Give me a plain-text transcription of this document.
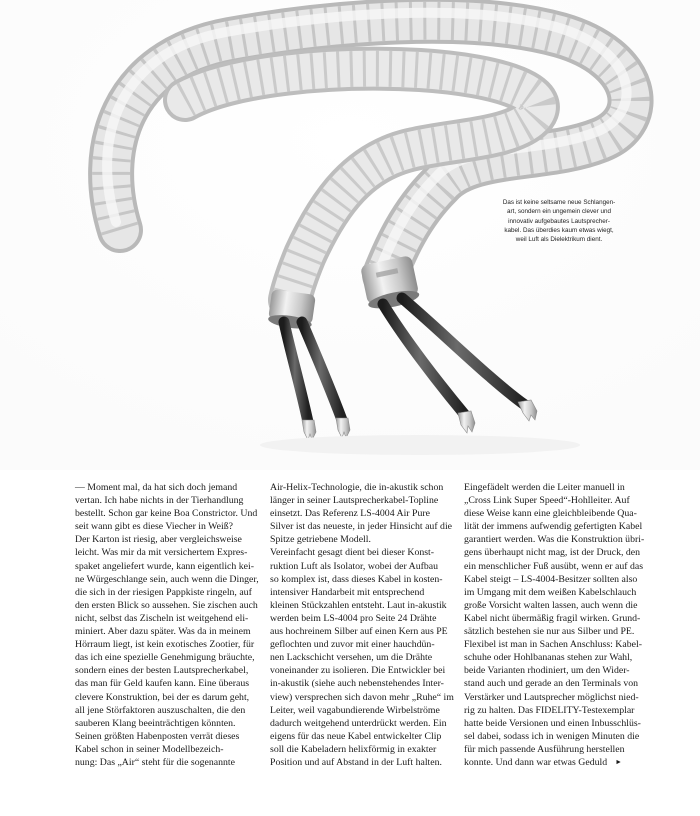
Das ist keine seltsame neue Schlangen-
art, sondern ein ungemein clever und
innovativ aufgebautes Lautsprecher-
kabel. Das überdies kaum etwas wiegt,
weil Luft als Dielektrikum dient.
— Moment mal, da hat sich doch jemand
vertan. Ich habe nichts in der Tierhandlung
bestellt. Schon gar keine Boa Constrictor. Und
seit wann gibt es diese Viecher in Weiß?
Der Karton ist riesig, aber vergleichsweise
leicht. Was mir da mit versichertem Expres-
spaket angeliefert wurde, kann eigentlich kei-
ne Würgeschlange sein, auch wenn die Dinger,
die sich in der riesigen Pappkiste ringeln, auf
den ersten Blick so aussehen. Sie zischen auch
nicht, selbst das Zischeln ist weitgehend eli-
miniert. Aber dazu später. Was da in meinem
Hörraum liegt, ist kein exotisches Zootier, für
das ich eine spezielle Genehmigung bräuchte,
sondern eines der besten Lautsprecherkabel,
das man für Geld kaufen kann. Eine überaus
clevere Konstruktion, bei der es darum geht,
all jene Störfaktoren auszuschalten, die den
sauberen Klang beeinträchtigen könnten.
Seinen größten Habenposten verrät dieses
Kabel schon in seiner Modellbezeich-
nung: Das „Air“ steht für die sogenannte
Air-Helix-Technologie, die in-akustik schon
länger in seiner Lautsprecherkabel-Topline
einsetzt. Das Referenz LS-4004 Air Pure
Silver ist das neueste, in jeder Hinsicht auf die
Spitze getriebene Modell.
Vereinfacht gesagt dient bei dieser Konst-
ruktion Luft als Isolator, wobei der Aufbau
so komplex ist, dass dieses Kabel in kosten-
intensiver Handarbeit mit entsprechend
kleinen Stückzahlen entsteht. Laut in-akustik
werden beim LS-4004 pro Seite 24 Drähte
aus hochreinem Silber auf einen Kern aus PE
geflochten und zuvor mit einer hauchdün-
nen Lackschicht versehen, um die Drähte
voneinander zu isolieren. Die Entwickler bei
in-akustik (siehe auch nebenstehendes Inter-
view) versprechen sich davon mehr „Ruhe“ im
Leiter, weil vagabundierende Wirbelströme
dadurch weitgehend unterdrückt werden. Ein
eigens für das neue Kabel entwickelter Clip
soll die Kabeladern helixförmig in exakter
Position und auf Abstand in der Luft halten.
Eingefädelt werden die Leiter manuell in
„Cross Link Super Speed“-Hohlleiter. Auf
diese Weise kann eine gleichbleibende Qua-
lität der immens aufwendig gefertigten Kabel
garantiert werden. Was die Konstruktion übri-
gens überhaupt nicht mag, ist der Druck, den
ein menschlicher Fuß ausübt, wenn er auf das
Kabel steigt – LS-4004-Besitzer sollten also
im Umgang mit dem weißen Kabelschlauch
große Vorsicht walten lassen, auch wenn die
Kabel nicht übermäßig fragil wirken. Grund-
sätzlich bestehen sie nur aus Silber und PE.
Flexibel ist man in Sachen Anschluss: Kabel-
schuhe oder Hohlbananas stehen zur Wahl,
beide Varianten rhodiniert, um den Wider-
stand auch und gerade an den Terminals von
Verstärker und Lautsprecher möglichst nied-
rig zu halten. Das FIDELITY-Testexemplar
hatte beide Versionen und einen Inbusschlüs-
sel dabei, sodass ich in wenigen Minuten die
für mich passende Ausführung herstellen
konnte. Und dann war etwas Geduld ►
